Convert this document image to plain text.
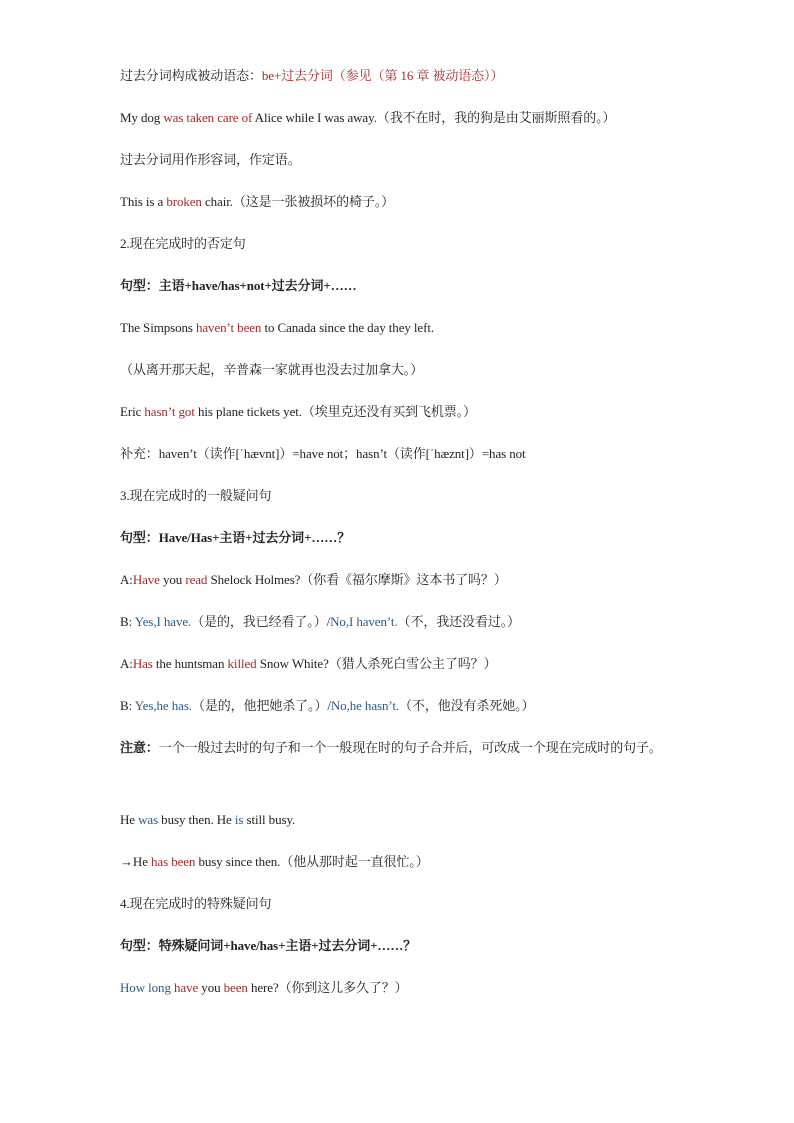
过去分词构成被动语态：be+过去分词（参见（第 16 章 被动语态））
My dog was taken care of Alice while I was away.（我不在时，我的狗是由艾丽斯照看的。）
过去分词用作形容词，作定语。
This is a broken chair.（这是一张被损坏的椅子。）
2.现在完成时的否定句
句型：主语+have/has+not+过去分词+……
The Simpsons haven’t been to Canada since the day they left.
（从离开那天起，辛普森一家就再也没去过加拿大。）
Eric hasn’t got his plane tickets yet.（埃里克还没有买到飞机票。）
补充：haven’t（读作[ˈhævnt]）=have not；hasn’t（读作[ˈhæznt]）=has not
3.现在完成时的一般疑问句
句型：Have/Has+主语+过去分词+……？
A:Have you read Shelock Holmes?（你看《福尔摩斯》这本书了吗？）
B: Yes,I have.（是的，我已经看了。）/No,I haven’t.（不，我还没看过。）
A:Has the huntsman killed Snow White?（猎人杀死白雪公主了吗？）
B: Yes,he has.（是的，他把她杀了。）/No,he hasn’t.（不，他没有杀死她。）
注意：一个一般过去时的句子和一个一般现在时的句子合并后，可改成一个现在完成时的句子。
He was busy then. He is still busy.
→He has been busy since then.（他从那时起一直很忙。）
4.现在完成时的特殊疑问句
句型：特殊疑问词+have/has+主语+过去分词+……？
How long have you been here?（你到这儿多久了？）
